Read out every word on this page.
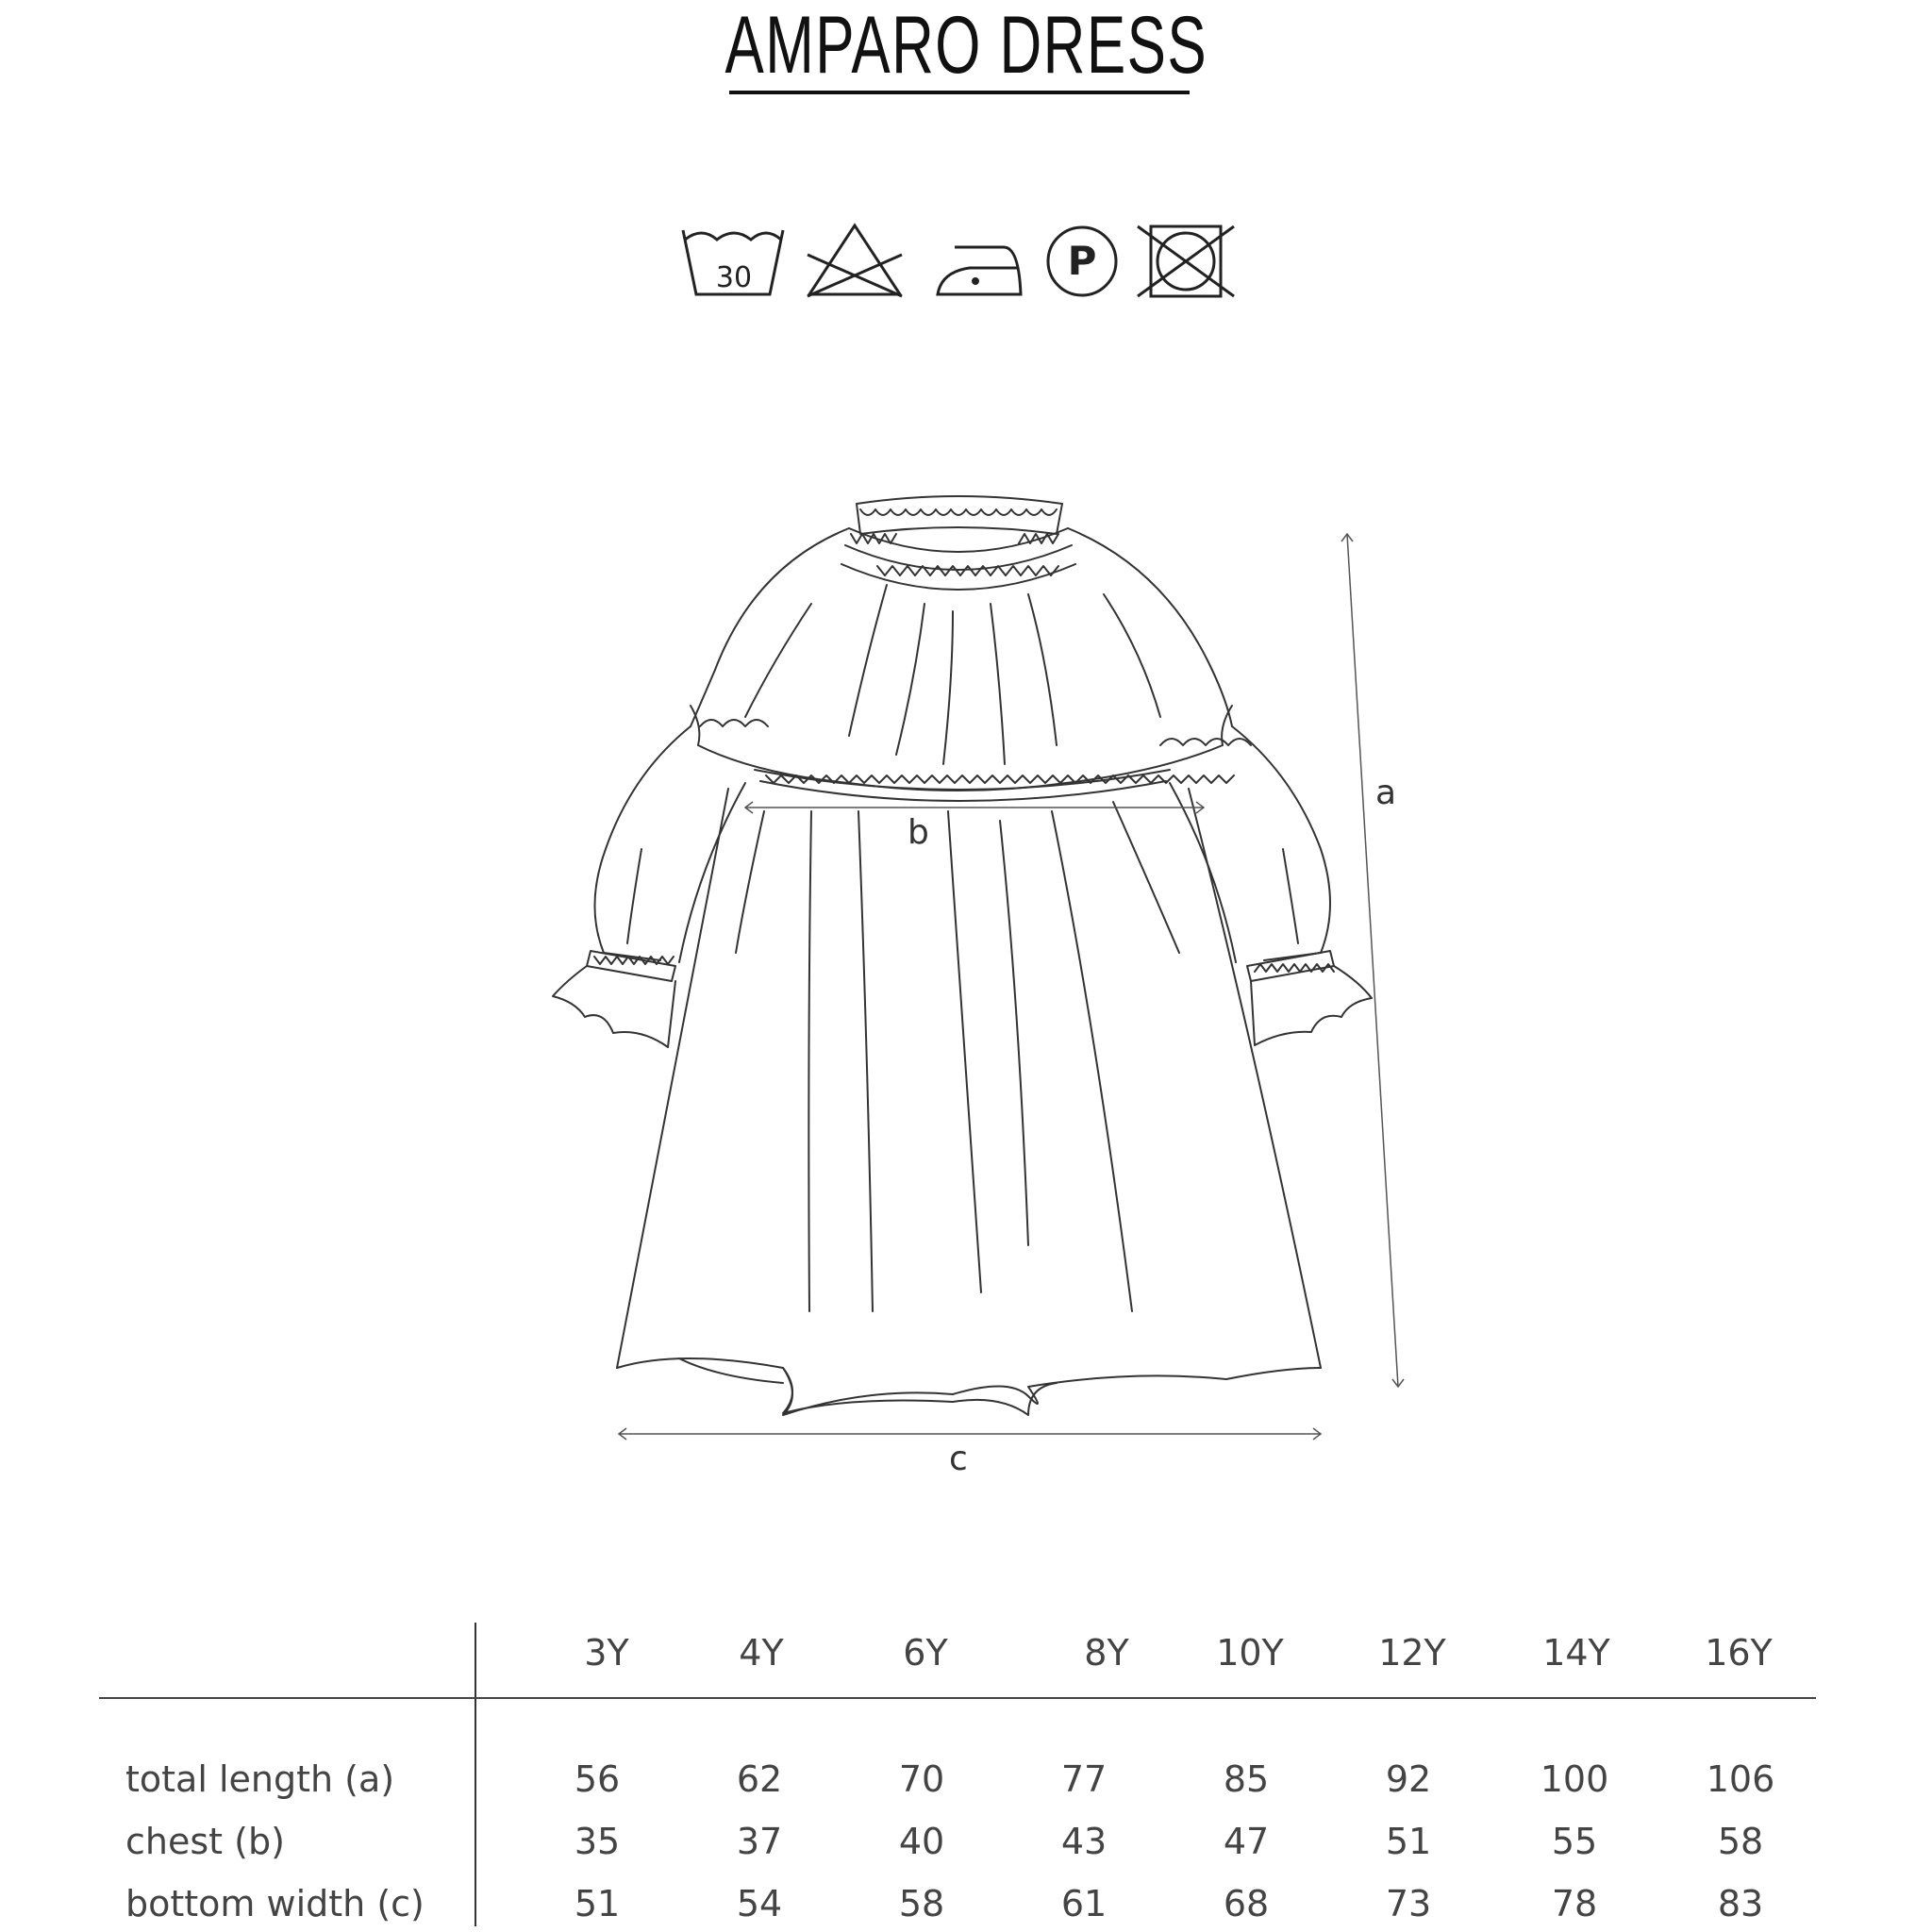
AMPARO DRESS
30	P
a
b
c
3Y	4Y	6Y	8Y	10Y	12Y	14Y	16Y
total length (a)	56	62	70	77	85	92	100	106
chest (b)	35	37	40	43	47	51	55	58
bottom width (c)	51	54	58	61	68	73	78	83
